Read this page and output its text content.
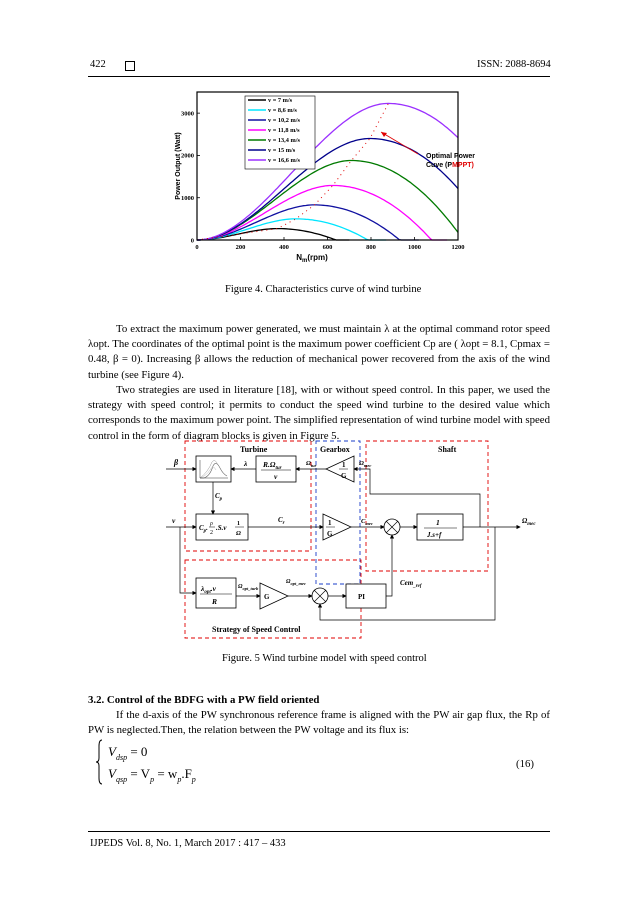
422	ISSN: 2088-8694
0	200	400	600	800	1000	1200
0
1000
2000
3000
Power Output (Watt)
$N_m(rpm)$
v = 7 m/s
v = 8,6 m/s
v = 10,2 m/s
v = 11,8 m/s
v = 13,4 m/s
v = 15 m/s
v = 16,6 m/s
Optimal Power
Cuve (PMPPT)
Figure 4. Characteristics curve of wind turbine
To extract the maximum power generated, we must maintain λ at the optimal command rotor speed λopt. The coordinates of the optimal point is the maximum power coefficient Cp are ( λopt = 8.1, Cpmax = 0.48, β = 0). Increasing β allows the reduction of mechanical power recovered from the axis of the wind turbine (see Figure 4).
Two strategies are used in literature [18], with or without speed control. In this paper, we used the strategy with speed control; it permits to conduct the speed wind turbine to the desired value which corresponds to the maximum power point. The simplified representation of wind turbine model with speed control in the form of diagram blocks is given in Figure 5.
Turbine	Gearbox	Shaft
Strategy of Speed Control
$R.\Omega_{tur}$
v
$C_p$. ρ
2
.S.v 1
Ω
1
G
1
G
1
J.s+f
$\lambda_{opt}.v$
R	G	PI
β	λ
$C_p$
v	$C_r$
$\Omega_{tur}$	$\Omega_{mec}$
$C_{mec}$	$\Omega_{mec}$
$\Omega_{opt\_turb}$
$\Omega_{opt\_mec}$	Cem$_{\_ref}$
Figure. 5 Wind turbine model with speed control
3.2. Control of the BDFG with a PW field oriented
If the d-axis of the PW synchronous reference frame is aligned with the PW air gap flux, the Rp of PW is neglected.Then, the relation between the PW voltage and its flux is:
$V_{dsp} = 0$
$V_{qsp} = V_p = w_p.F_p$
(16)
IJPEDS Vol. 8, No. 1, March 2017 : 417 – 433
